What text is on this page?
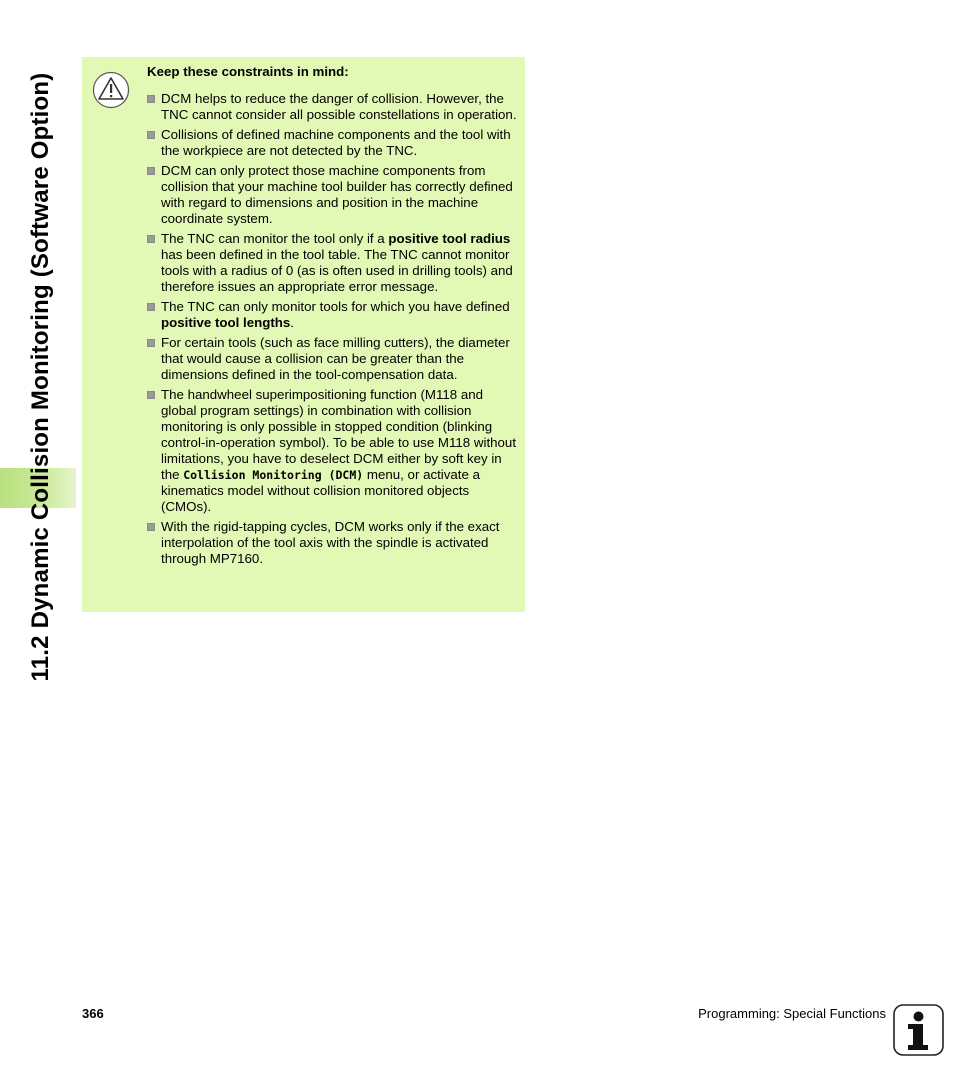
11.2 Dynamic Collision Monitoring (Software Option)
Keep these constraints in mind:
DCM helps to reduce the danger of collision. However, the TNC cannot consider all possible constellations in operation.
Collisions of defined machine components and the tool with the workpiece are not detected by the TNC.
DCM can only protect those machine components from collision that your machine tool builder has correctly defined with regard to dimensions and position in the machine coordinate system.
The TNC can monitor the tool only if a positive tool radius has been defined in the tool table. The TNC cannot monitor tools with a radius of 0 (as is often used in drilling tools) and therefore issues an appropriate error message.
The TNC can only monitor tools for which you have defined positive tool lengths.
For certain tools (such as face milling cutters), the diameter that would cause a collision can be greater than the dimensions defined in the tool-compensation data.
The handwheel superimpositioning function (M118 and global program settings) in combination with collision monitoring is only possible in stopped condition (blinking control-in-operation symbol). To be able to use M118 without limitations, you have to deselect DCM either by soft key in the Collision Monitoring (DCM) menu, or activate a kinematics model without collision monitored objects (CMOs).
With the rigid-tapping cycles, DCM works only if the exact interpolation of the tool axis with the spindle is activated through MP7160.
366	Programming: Special Functions
